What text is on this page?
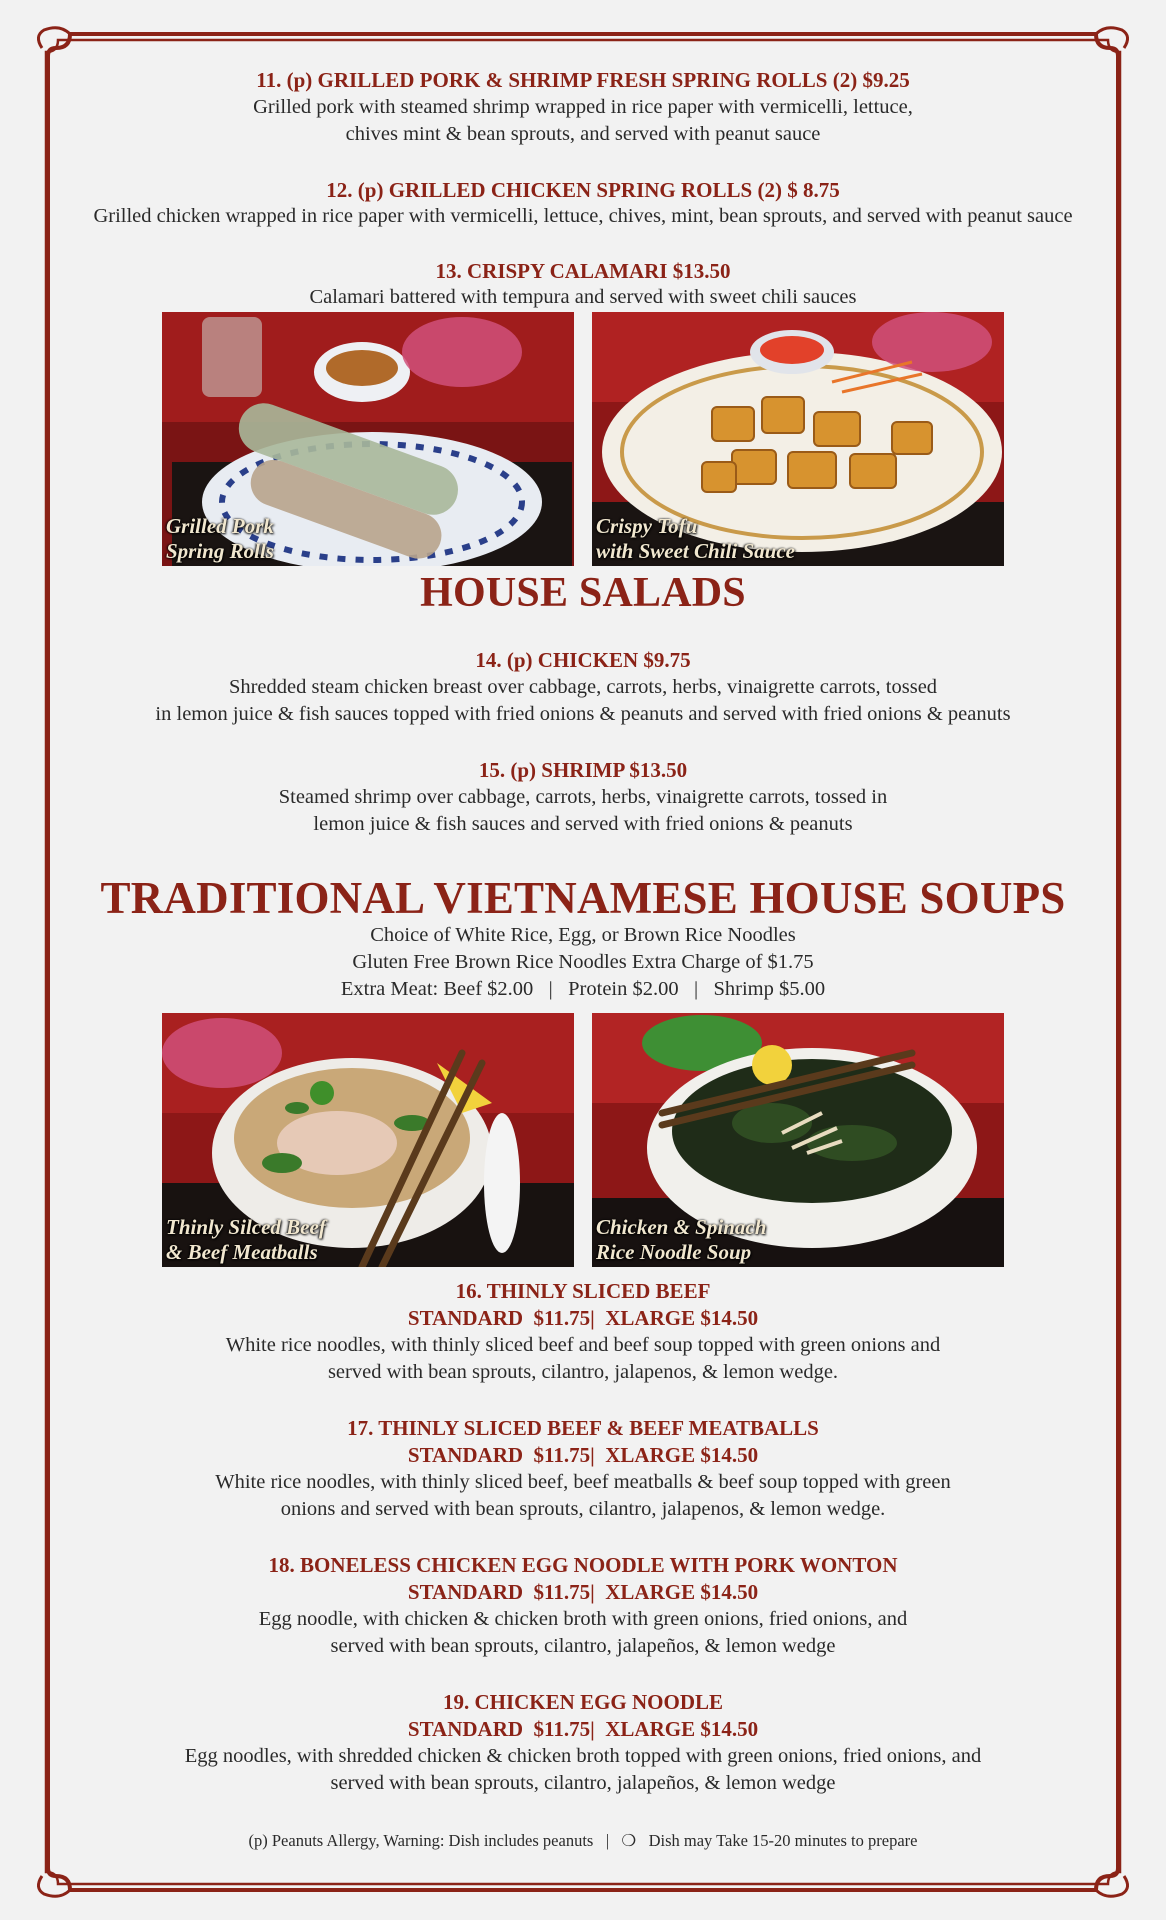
11. (p) GRILLED PORK & SHRIMP FRESH SPRING ROLLS (2) $9.25
Grilled pork with steamed shrimp wrapped in rice paper with vermicelli, lettuce,
chives mint & bean sprouts, and served with peanut sauce
12. (p) GRILLED CHICKEN SPRING ROLLS (2) $ 8.75
Grilled chicken wrapped in rice paper with vermicelli, lettuce, chives, mint, bean sprouts, and served with peanut sauce
13. CRISPY CALAMARI $13.50
Calamari battered with tempura and served with sweet chili sauces
Grilled Pork
Spring Rolls
Crispy Tofu
with Sweet Chili Sauce
HOUSE SALADS
14. (p) CHICKEN $9.75
Shredded steam chicken breast over cabbage, carrots, herbs, vinaigrette carrots, tossed
in lemon juice & fish sauces topped with fried onions & peanuts and served with fried onions & peanuts
15. (p) SHRIMP $13.50
Steamed shrimp over cabbage, carrots, herbs, vinaigrette carrots, tossed in
lemon juice & fish sauces and served with fried onions & peanuts
TRADITIONAL VIETNAMESE HOUSE SOUPS
Choice of White Rice, Egg, or Brown Rice Noodles
Gluten Free Brown Rice Noodles Extra Charge of $1.75
Extra Meat: Beef $2.00   |   Protein $2.00   |   Shrimp $5.00
Thinly Silced Beef
& Beef Meatballs
Chicken & Spinach
Rice Noodle Soup
16. THINLY SLICED BEEF
STANDARD  $11.75|  XLARGE $14.50
White rice noodles, with thinly sliced beef and beef soup topped with green onions and
served with bean sprouts, cilantro, jalapenos, & lemon wedge.
17. THINLY SLICED BEEF & BEEF MEATBALLS
STANDARD  $11.75|  XLARGE $14.50
White rice noodles, with thinly sliced beef, beef meatballs & beef soup topped with green
onions and served with bean sprouts, cilantro, jalapenos, & lemon wedge.
18. BONELESS CHICKEN EGG NOODLE WITH PORK WONTON
STANDARD  $11.75|  XLARGE $14.50
Egg noodle, with chicken & chicken broth with green onions, fried onions, and
served with bean sprouts, cilantro, jalapeños, & lemon wedge
19. CHICKEN EGG NOODLE
STANDARD  $11.75|  XLARGE $14.50
Egg noodles, with shredded chicken & chicken broth topped with green onions, fried onions, and
served with bean sprouts, cilantro, jalapeños, & lemon wedge
(p) Peanuts Allergy, Warning: Dish includes peanuts | ❍ Dish may Take 15-20 minutes to prepare
